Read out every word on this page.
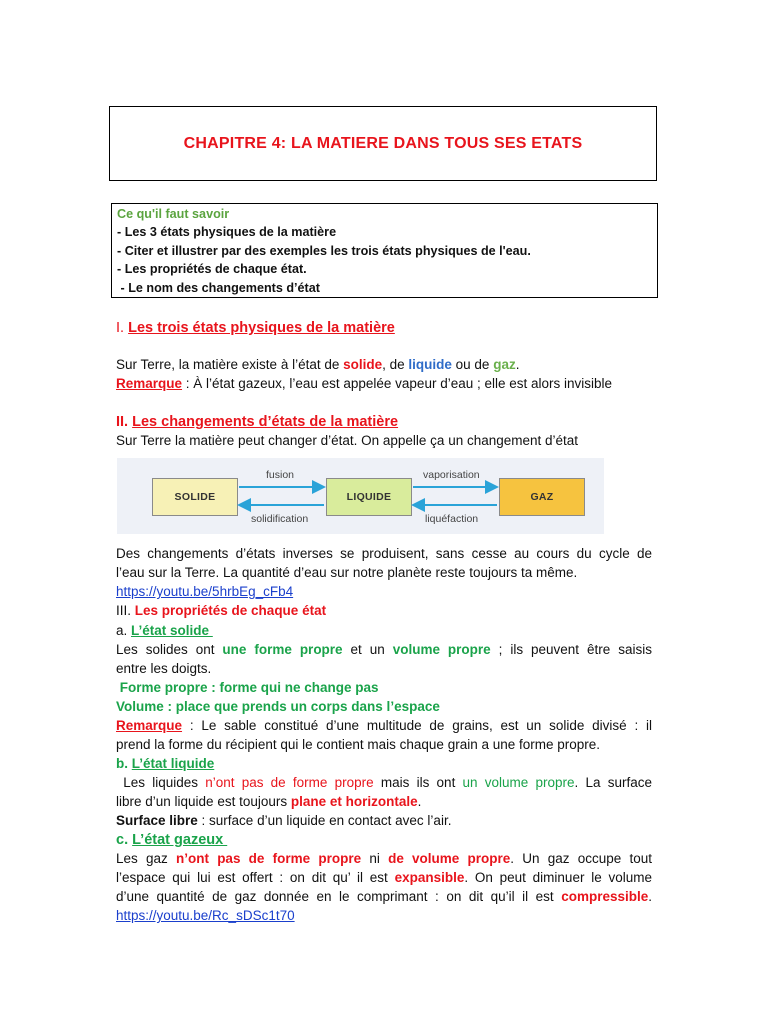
CHAPITRE 4: LA MATIERE DANS TOUS SES ETATS
Ce qu'il faut savoir
- Les 3 états physiques de la matière
- Citer et illustrer par des exemples les trois états physiques de l'eau.
- Les propriétés de chaque état.
- Le nom des changements d’état
I. Les trois états physiques de la matière
Sur Terre, la matière existe à l’état de solide, de liquide ou de gaz.
Remarque : À l’état gazeux, l’eau est appelée vapeur d’eau ; elle est alors invisible
II. Les changements d’états de la matière
Sur Terre la matière peut changer d’état. On appelle ça un changement d’état
SOLIDE	LIQUIDE	GAZ
fusion
solidification
vaporisation
liquéfaction
Des changements d’états inverses se produisent, sans cesse au cours du cycle de
l’eau sur la Terre. La quantité d’eau sur notre planète reste toujours ta même.
https://youtu.be/5hrbEg_cFb4
III. Les propriétés de chaque état
a. L’état solide
Les solides ont une forme propre et un volume propre ; ils peuvent être saisis
entre les doigts.
Forme propre : forme qui ne change pas
Volume : place que prends un corps dans l’espace
Remarque : Le sable constitué d’une multitude de grains, est un solide divisé : il
prend la forme du récipient qui le contient mais chaque grain a une forme propre.
b. L’état liquide
Les liquides n’ont pas de forme propre mais ils ont un volume propre. La surface
libre d’un liquide est toujours plane et horizontale.
Surface libre : surface d’un liquide en contact avec l’air.
c. L’état gazeux
Les gaz n’ont pas de forme propre ni de volume propre. Un gaz occupe tout
l’espace qui lui est offert : on dit qu’ il est expansible. On peut diminuer le volume
d’une quantité de gaz donnée en le comprimant : on dit qu’il il est compressible.
https://youtu.be/Rc_sDSc1t70
